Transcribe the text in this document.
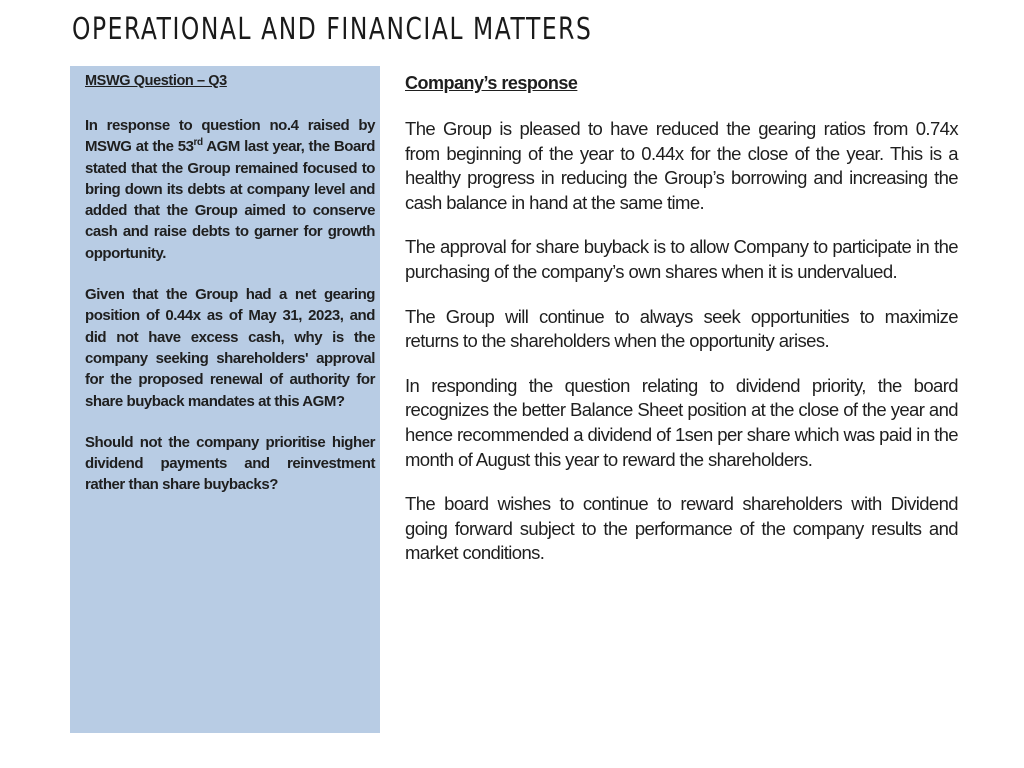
OPERATIONAL AND FINANCIAL MATTERS
MSWG Question – Q3

In response to question no.4 raised by MSWG at the 53rd AGM last year, the Board stated that the Group remained focused to bring down its debts at company level and added that the Group aimed to conserve cash and raise debts to garner for growth opportunity.

Given that the Group had a net gearing position of 0.44x as of May 31, 2023, and did not have excess cash, why is the company seeking shareholders' approval for the proposed renewal of authority for share buyback mandates at this AGM?

Should not the company prioritise higher dividend payments and reinvestment rather than share buybacks?

Company’s response

The Group is pleased to have reduced the gearing ratios from 0.74x from beginning of the year to 0.44x for the close of the year. This is a healthy progress in reducing the Group’s borrowing and increasing the cash balance in hand at the same time.

The approval for share buyback is to allow Company to participate in the purchasing of the company’s own shares when it is undervalued.

The Group will continue to always seek opportunities to maximize returns to the shareholders when the opportunity arises.

In responding the question relating to dividend priority, the board recognizes the better Balance Sheet position at the close of the year and hence recommended a dividend of 1sen per share which was paid in the month of August this year to reward the shareholders.

The board wishes to continue to reward shareholders with Dividend going forward subject to the performance of the company results and market conditions.
